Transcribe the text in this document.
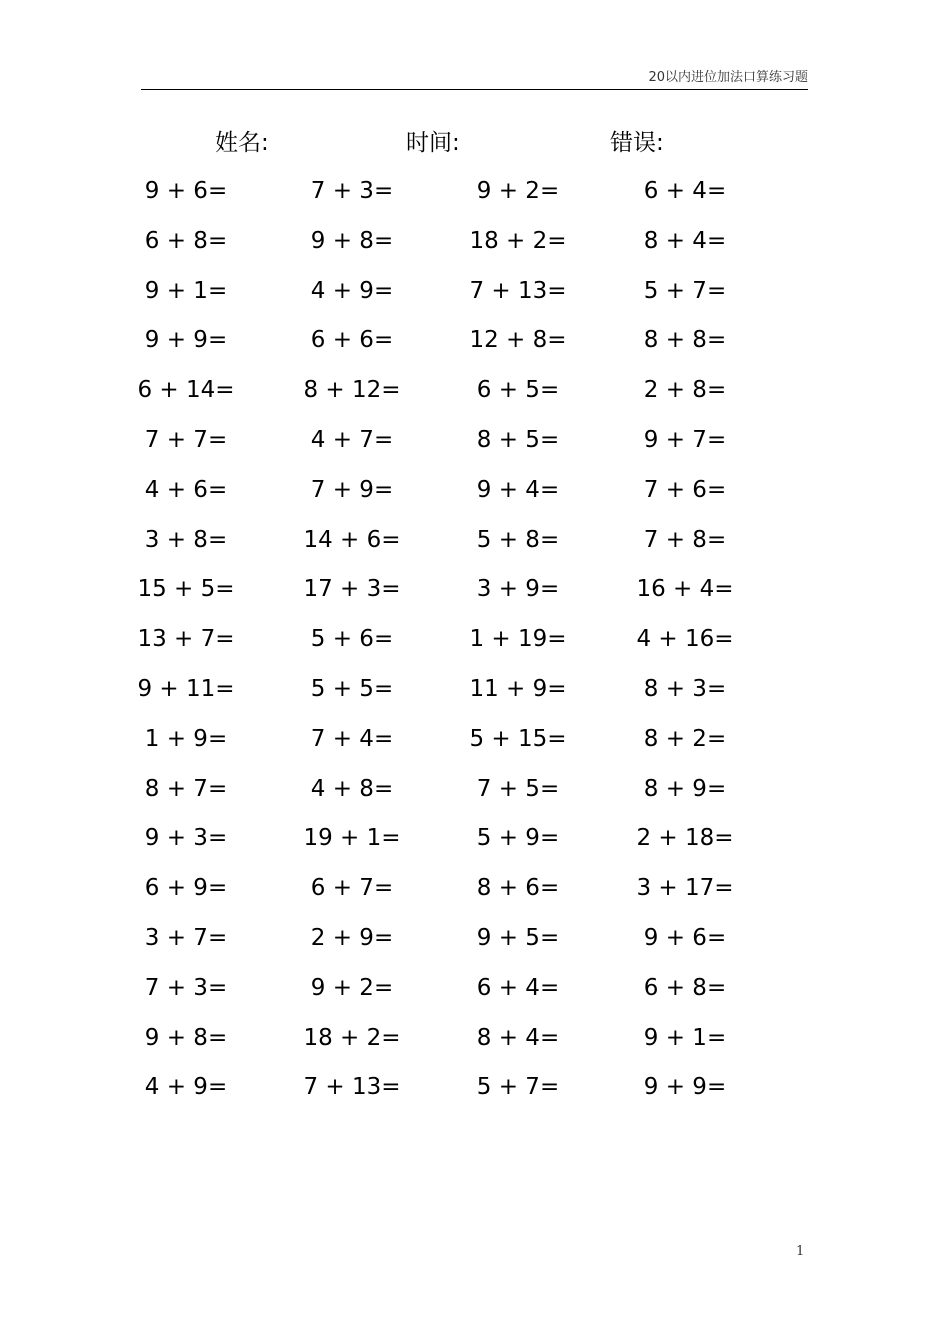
20以内进位加法口算练习题
姓名:	时间:	错误:
9 + 6=	7 + 3=	9 + 2=	6 + 4=
6 + 8=	9 + 8=	18 + 2=	8 + 4=
9 + 1=	4 + 9=	7 + 13=	5 + 7=
9 + 9=	6 + 6=	12 + 8=	8 + 8=
6 + 14=	8 + 12=	6 + 5=	2 + 8=
7 + 7=	4 + 7=	8 + 5=	9 + 7=
4 + 6=	7 + 9=	9 + 4=	7 + 6=
3 + 8=	14 + 6=	5 + 8=	7 + 8=
15 + 5=	17 + 3=	3 + 9=	16 + 4=
13 + 7=	5 + 6=	1 + 19=	4 + 16=
9 + 11=	5 + 5=	11 + 9=	8 + 3=
1 + 9=	7 + 4=	5 + 15=	8 + 2=
8 + 7=	4 + 8=	7 + 5=	8 + 9=
9 + 3=	19 + 1=	5 + 9=	2 + 18=
6 + 9=	6 + 7=	8 + 6=	3 + 17=
3 + 7=	2 + 9=	9 + 5=	9 + 6=
7 + 3=	9 + 2=	6 + 4=	6 + 8=
9 + 8=	18 + 2=	8 + 4=	9 + 1=
4 + 9=	7 + 13=	5 + 7=	9 + 9=
1
